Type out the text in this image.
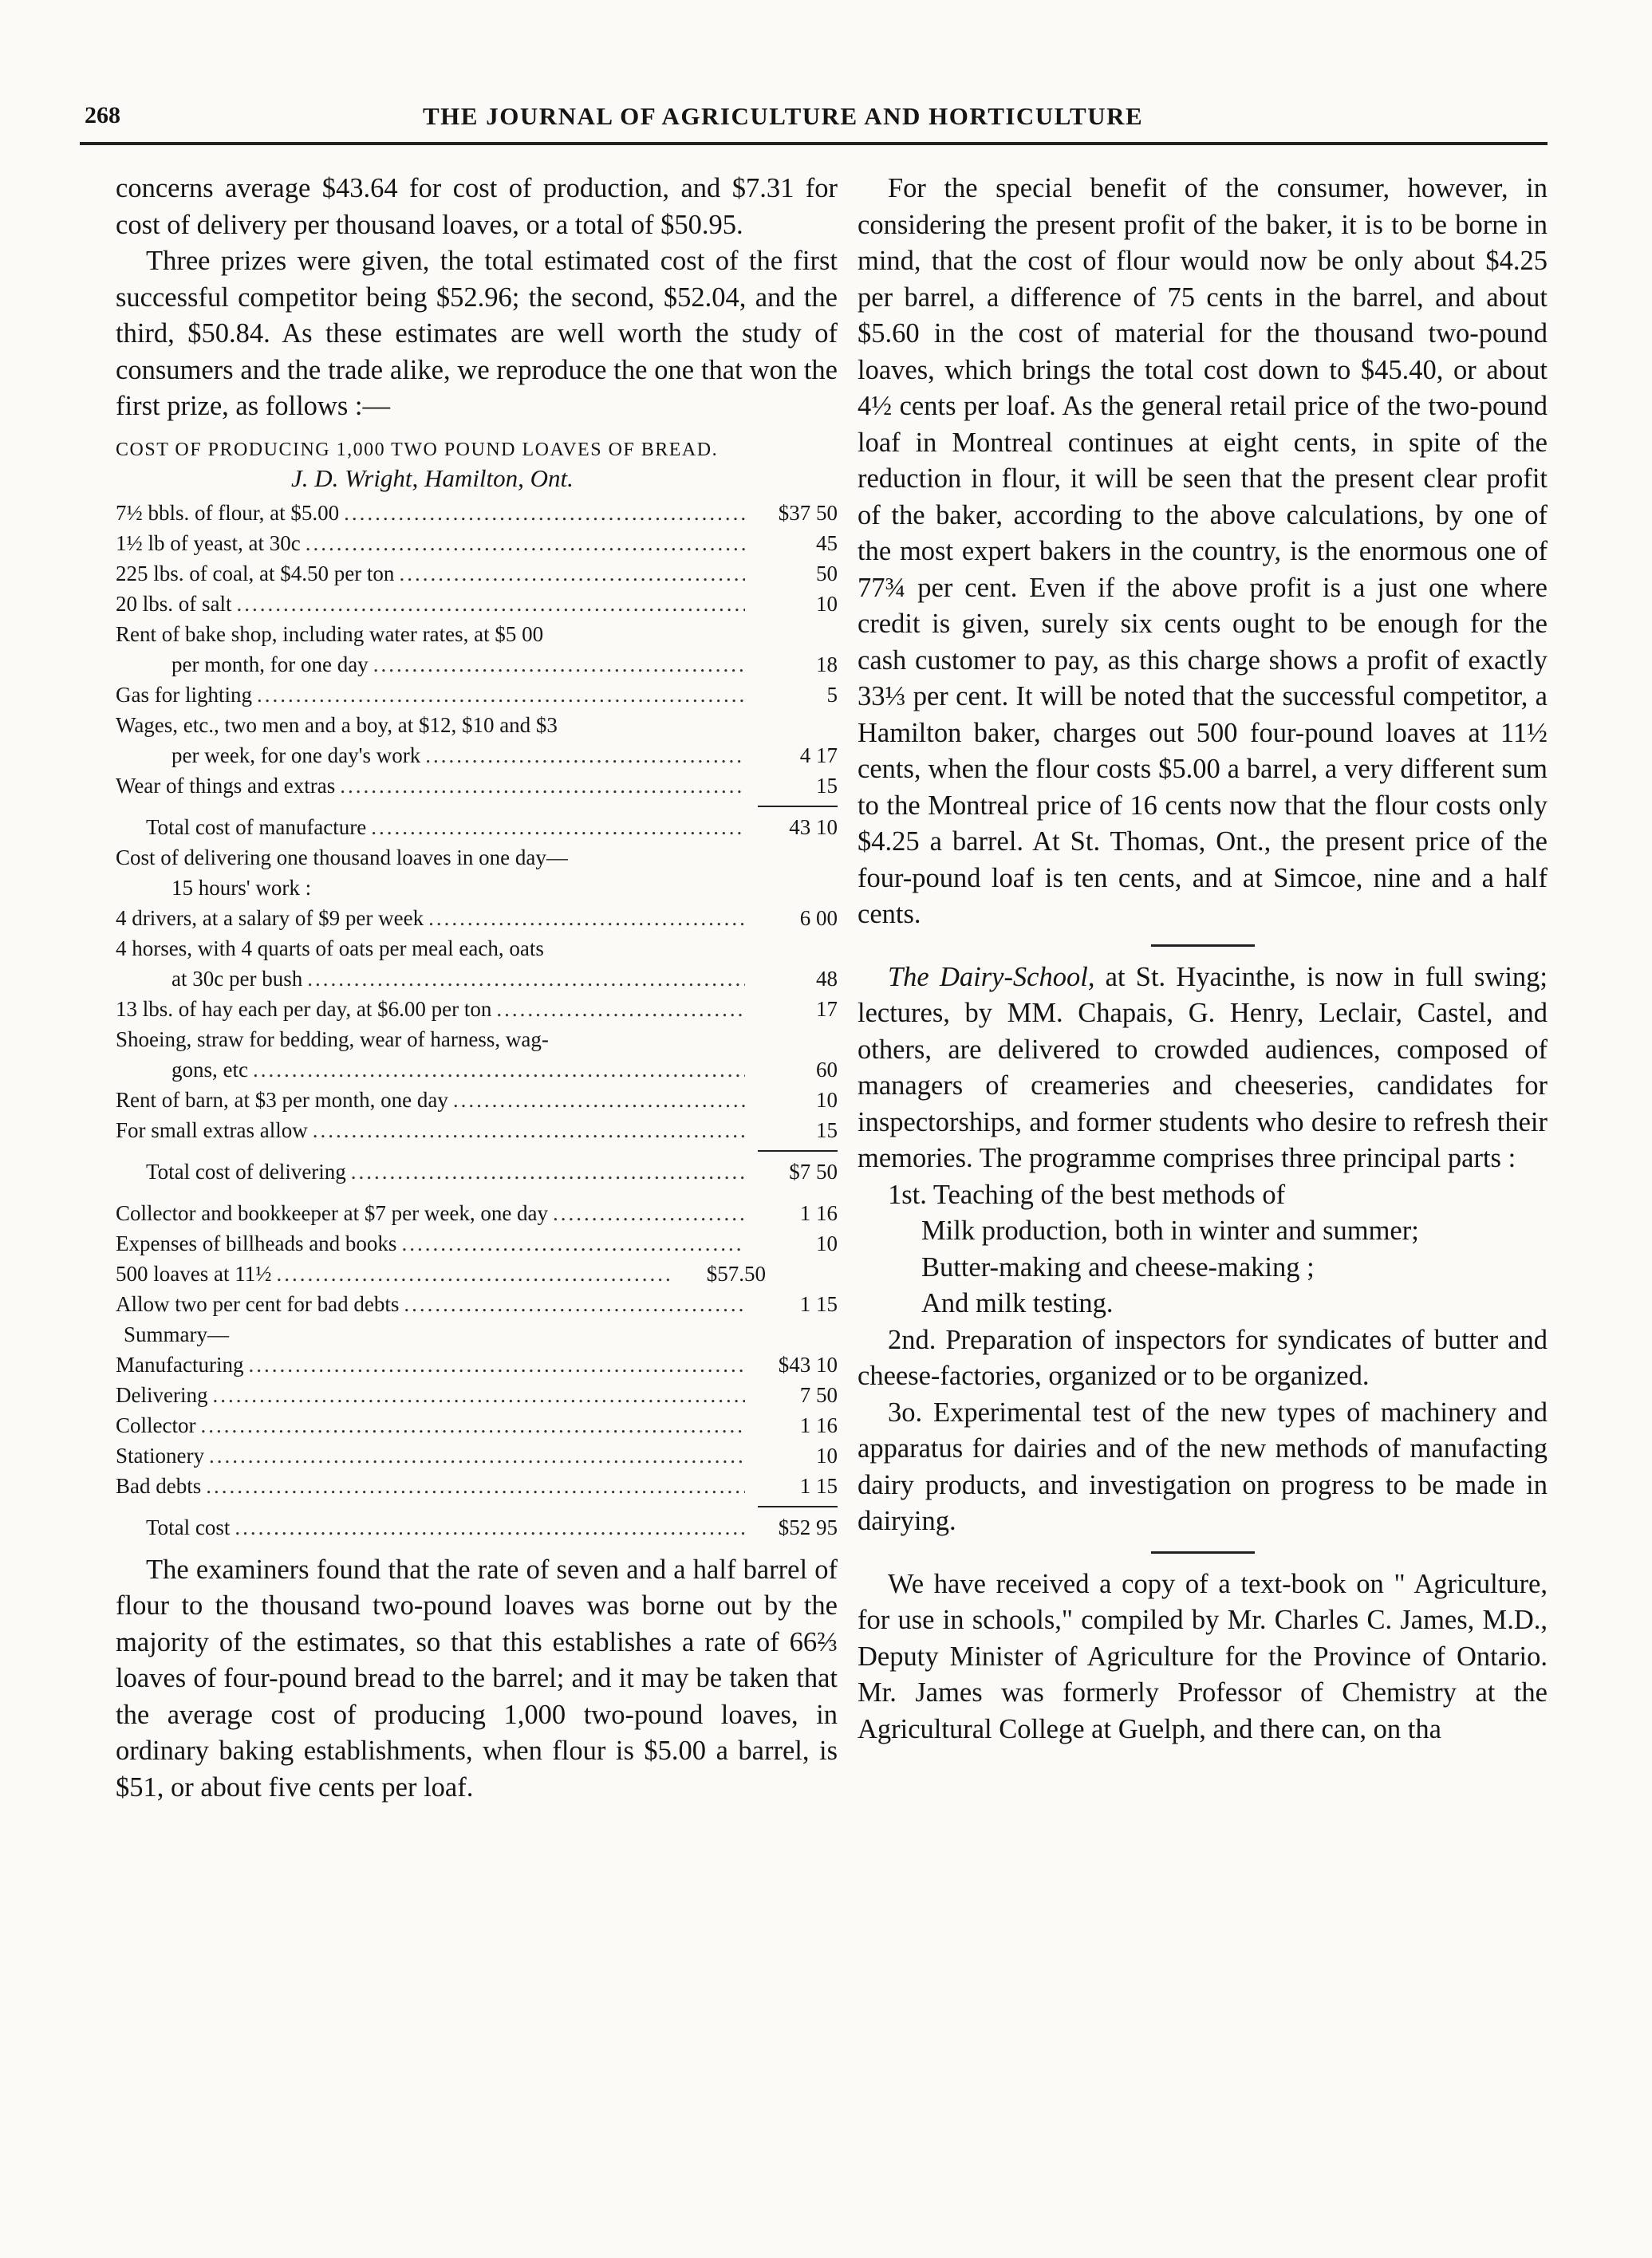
268	THE JOURNAL OF AGRICULTURE AND HORTICULTURE

concerns average $43.64 for cost of production, and $7.31 for cost of delivery per thousand loaves, or a total of $50.95.

Three prizes were given, the total estimated cost of the first successful competitor being $52.96; the second, $52.04, and the third, $50.84. As these estimates are well worth the study of consumers and the trade alike, we reproduce the one that won the first prize, as follows :—

COST OF PRODUCING 1,000 TWO POUND LOAVES OF BREAD.
J. D. Wright, Hamilton, Ont.
7½ bbls. of flour, at $5.00 .....	$37 50
1½ lb of yeast, at 30c .....	45
225 lbs. of coal, at $4.50 per ton .....	50
20 lbs. of salt .....	10
Rent of bake shop, including water rates, at $5 00
per month, for one day .....	18
Gas for lighting .....	5
Wages, etc., two men and a boy, at $12, $10 and $3
per week, for one day's work .....	4 17
Wear of things and extras .....	15
Total cost of manufacture .....	43 10
Cost of delivering one thousand loaves in one day—
15 hours' work :
4 drivers, at a salary of $9 per week .....	6 00
4 horses, with 4 quarts of oats per meal each, oats
at 30c per bush .....	48
13 lbs. of hay each per day, at $6.00 per ton .....	17
Shoeing, straw for bedding, wear of harness, wag-
gons, etc .....	60
Rent of barn, at $3 per month, one day .....	10
For small extras allow .....	15
Total cost of delivering .....	$7 50
Collector and bookkeeper at $7 per week, one day .....	1 16
Expenses of billheads and books .....	10
500 loaves at 11½ .....	$57.50
Allow two per cent for bad debts .....	1 15
Summary—
Manufacturing .....	$43 10
Delivering .....	7 50
Collector .....	1 16
Stationery .....	10
Bad debts .....	1 15
Total cost .....	$52 95

The examiners found that the rate of seven and a half barrel of flour to the thousand two-pound loaves was borne out by the majority of the estimates, so that this establishes a rate of 66⅔ loaves of four-pound bread to the barrel; and it may be taken that the average cost of producing 1,000 two-pound loaves, in ordinary baking establishments, when flour is $5.00 a barrel, is $51, or about five cents per loaf.

For the special benefit of the consumer, however, in considering the present profit of the baker, it is to be borne in mind, that the cost of flour would now be only about $4.25 per barrel, a difference of 75 cents in the barrel, and about $5.60 in the cost of material for the thousand two-pound loaves, which brings the total cost down to $45.40, or about 4½ cents per loaf. As the general retail price of the two-pound loaf in Montreal continues at eight cents, in spite of the reduction in flour, it will be seen that the present clear profit of the baker, according to the above calculations, by one of the most expert bakers in the country, is the enormous one of 77¾ per cent. Even if the above profit is a just one where credit is given, surely six cents ought to be enough for the cash customer to pay, as this charge shows a profit of exactly 33⅓ per cent. It will be noted that the successful competitor, a Hamilton baker, charges out 500 four-pound loaves at 11½ cents, when the flour costs $5.00 a barrel, a very different sum to the Montreal price of 16 cents now that the flour costs only $4.25 a barrel. At St. Thomas, Ont., the present price of the four-pound loaf is ten cents, and at Simcoe, nine and a half cents.

The Dairy-School, at St. Hyacinthe, is now in full swing; lectures, by MM. Chapais, G. Henry, Leclair, Castel, and others, are delivered to crowded audiences, composed of managers of creameries and cheeseries, candidates for inspectorships, and former students who desire to refresh their memories. The programme comprises three principal parts :

1st. Teaching of the best methods of

Milk production, both in winter and summer;

Butter-making and cheese-making ;

And milk testing.

2nd. Preparation of inspectors for syndicates of butter and cheese-factories, organized or to be organized.

3o. Experimental test of the new types of machinery and apparatus for dairies and of the new methods of manufacting dairy products, and investigation on progress to be made in dairying.

We have received a copy of a text-book on " Agriculture, for use in schools," compiled by Mr. Charles C. James, M.D., Deputy Minister of Agriculture for the Province of Ontario. Mr. James was formerly Professor of Chemistry at the Agricultural College at Guelph, and there can, on tha
